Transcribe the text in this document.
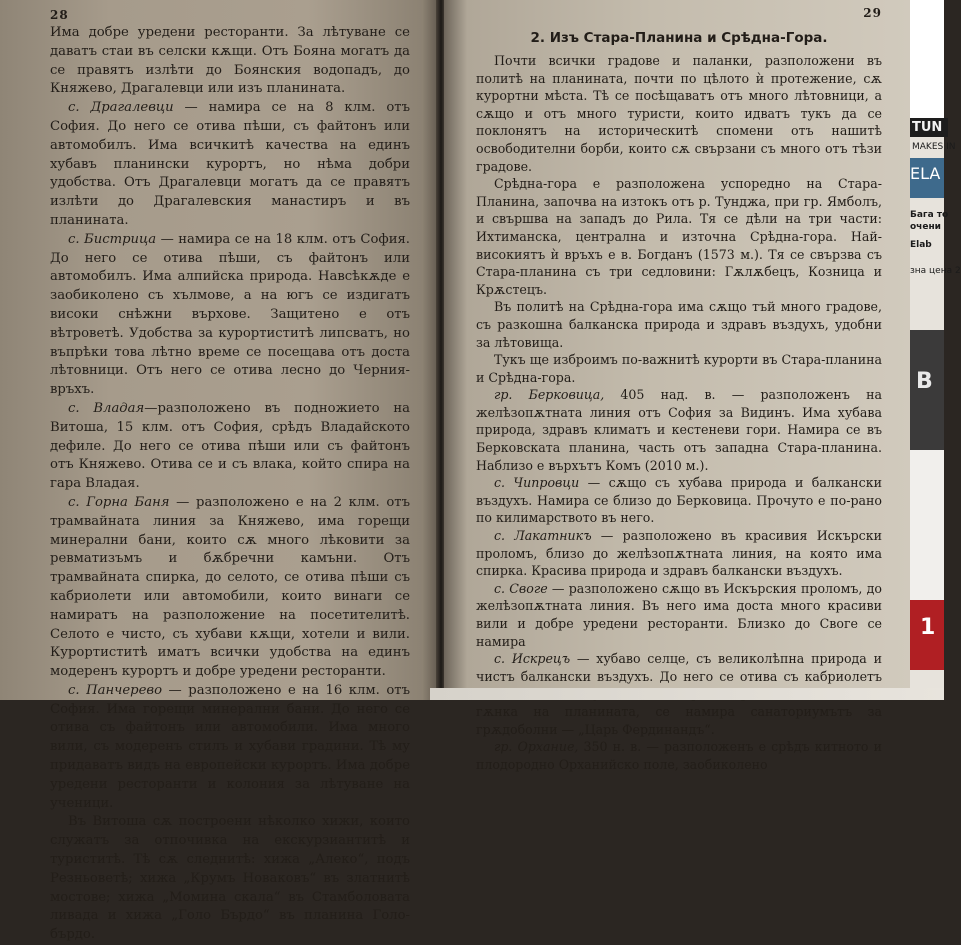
28

Има добре уредени ресторанти. За лѣтуване се даватъ стаи въ селски кѫщи. Отъ Бояна могатъ да се правятъ излѣти до Боянския водопадъ, до Княжево, Драгалевци или изъ планината.

с. Драгалевци — намира се на 8 клм. отъ София. До него се отива пѣши, съ файтонъ или автомобилъ. Има всичкитѣ качества на единъ хубавъ планински курортъ, но нѣма добри удобства. Отъ Драгалевци могатъ да се правятъ излѣти до Драгалевския манастиръ и въ планината.

с. Бистрица — намира се на 18 клм. отъ София. До него се отива пѣши, съ файтонъ или автомобилъ. Има алпийска природа. Навсѣкѫде е заобиколено съ хълмове, а на югъ се издигатъ високи снѣжни върхове. Защитено е отъ вѣтроветѣ. Удобства за курортиститѣ липсватъ, но въпрѣки това лѣтно време се посещава отъ доста лѣтовници. Отъ него се отива лесно до Черния-връхъ.

с. Владая—разположено въ подножието на Витоша, 15 клм. отъ София, срѣдъ Владайското дефиле. До него се отива пѣши или съ файтонъ отъ Княжево. Отива се и съ влака, който спира на гара Владая.

с. Горна Баня — разположено е на 2 клм. отъ трамвайната линия за Княжево, има горещи минерални бани, които сѫ много лѣковити за ревматизъмъ и бѫбречни камъни. Отъ трамвайната спирка, до селото, се отива пѣши съ кабриолети или автомобили, които винаги се намиратъ на разположение на посетителитѣ. Селото е чисто, съ хубави кѫщи, хотели и вили. Курортиститѣ иматъ всички удобства на единъ модеренъ курортъ и добре уредени ресторанти.

с. Панчерево — разположено е на 16 клм. отъ София. Има горещи минерални бани. До него се отива съ файтонъ или автомобили. Има много вили, съ модеренъ стилъ и хубави градини. Тѣ му придаватъ видъ на европейски курортъ. Има добре уредени ресторанти и колония за лѣтуване на ученици.

Въ Витоша сѫ построени нѣколко хижи, които служатъ за отпочивка на екскурзиантитѣ и туриститѣ. Тѣ сѫ следнитѣ: хижа „Алеко“, подъ Резньоветѣ; хижа „Крумъ Новаковъ“ въ златнитѣ мостове; хижа „Момина скала“ въ Стамболовата ливада и хижа „Голо Бърдо“ въ планина Голо-бърдо.

29
2. Изъ Стара-Планина и Срѣдна-Гора.

Почти всички градове и паланки, разположени въ политѣ на планината, почти по цѣлото ѝ протежение, сѫ курортни мѣста. Тѣ се посѣщаватъ отъ много лѣтовници, а сѫщо и отъ много туристи, които идватъ тукъ да се поклонятъ на историческитѣ спомени отъ нашитѣ освободителни борби, които сѫ свързани съ много отъ тѣзи градове.

Срѣдна-гора е разположена успоредно на Стара-Планина, започва на изтокъ отъ р. Тунджа, при гр. Ямболъ, и свършва на западъ до Рила. Тя се дѣли на три части: Ихтиманска, централна и източна Срѣдна-гора. Най-високиятъ ѝ връхъ е в. Богданъ (1573 м.). Тя се свързва съ Стара-планина съ три седловини: Гѫлѫбецъ, Козница и Крѫстецъ.

Въ политѣ на Срѣдна-гора има сѫщо тъй много градове, съ разкошна балканска природа и здравъ въздухъ, удобни за лѣтовища.

Тукъ ще изброимъ по-важнитѣ курорти въ Стара-планина и Срѣдна-гора.

гр. Берковица, 405 над. в. — разположенъ на желѣзопѫтната линия отъ София за Видинъ. Има хубава природа, здравъ климатъ и кестеневи гори. Намира се въ Берковската планина, часть отъ западна Стара-планина. Наблизо е върхътъ Комъ (2010 м.).

с. Чипровци — сѫщо съ хубава природа и балкански въздухъ. Намира се близо до Берковица. Прочуто е по-рано по килимарството въ него.

с. Лакатникъ — разположено въ красивия Искърски проломъ, близо до желѣзопѫтната линия, на която има спирка. Красива природа и здравъ балкански въздухъ.

с. Своге — разположено сѫщо въ Искърския проломъ, до желѣзопѫтната линия. Въ него има доста много красиви вили и добре уредени ресторанти. Близко до Своге се намира

с. Искрецъ — хубаво селце, съ великолѣпна природа и чистъ балкански въздухъ. До него се отива съ кабриолетъ гѫнка на планината, се намира санаториумътъ за грѫдоболни — „Царь Фердинандъ“.

гр. Орхание, 350 н. в. — разположенъ е срѣдъ китното и плодородно Орханийско поле, заобиколено

TUN
MAKES IN
ELA
Бага то
очени
Elab
зна цена 2
B
1
